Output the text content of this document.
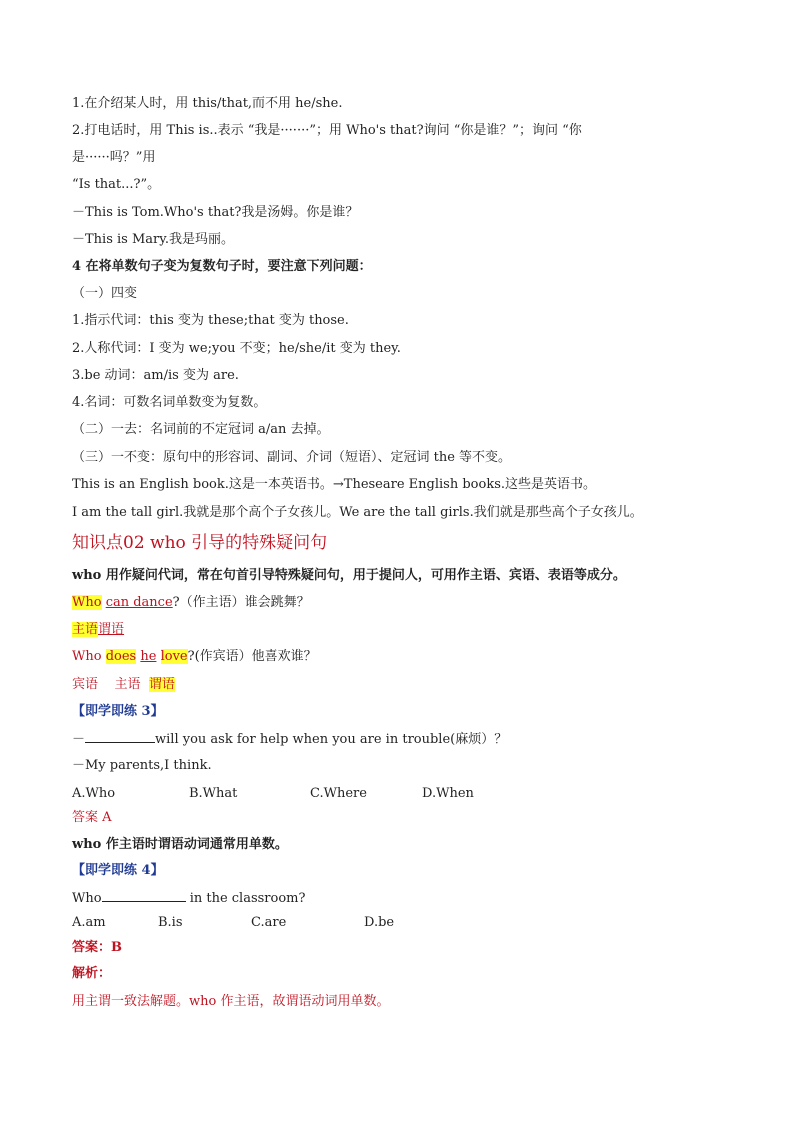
1.在介绍某人时，用 this/that,而不用 he/she.
2.打电话时，用 This is..表示 “我是·······”；用 Who's that?询问 “你是谁？”；询问 “你
是······吗？”用
“Is that...?”。
－This is Tom.Who's that?我是汤姆。你是谁？
－This is Mary.我是玛丽。
4 在将单数句子变为复数句子时，要注意下列问题：
（一）四变
1.指示代词：this 变为 these;that 变为 those.
2.人称代词：I 变为 we;you 不变；he/she/it 变为 they.
3.be 动词：am/is 变为 are.
4.名词：可数名词单数变为复数。
（二）一去：名词前的不定冠词 a/an 去掉。
（三）一不变：原句中的形容词、副词、介词（短语）、定冠词 the 等不变。
This is an English book.这是一本英语书。→Theseare English books.这些是英语书。
I am the tall girl.我就是那个高个子女孩儿。We are the tall girls.我们就是那些高个子女孩儿。
知识点02 who 引导的特殊疑问句
who 用作疑问代词，常在句首引导特殊疑问句，用于提问人，可用作主语、宾语、表语等成分。
Who can dance?（作主语）谁会跳舞？
主语谓语
Who does he love?(作宾语）他喜欢谁？
宾语 主语 谓语
【即学即练 3】
－	will you ask for help when you are in trouble(麻烦）？
－My parents,I think.
A.Who	B.What	C.Where	D.When
答案 A
who 作主语时谓语动词通常用单数。
【即学即练 4】
Who	in the classroom?
A.am	B.is	C.are	D.be
答案：B
解析：
用主谓一致法解题。who 作主语，故谓语动词用单数。
